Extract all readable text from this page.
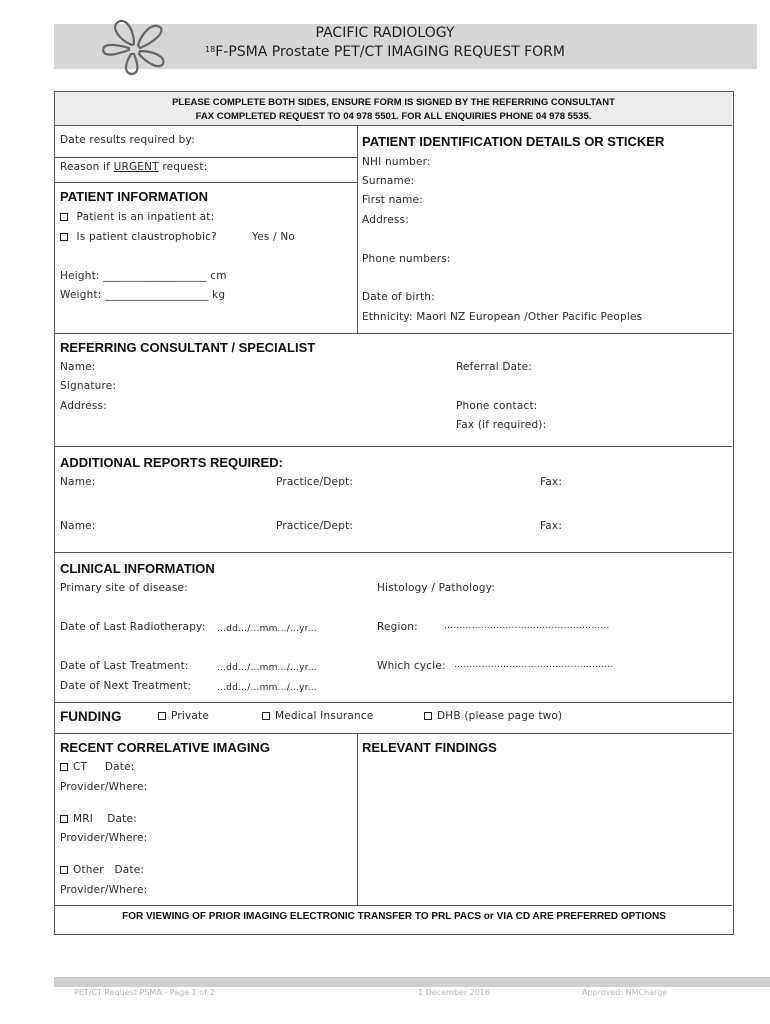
PACIFIC RADIOLOGY
$^{18}$F-PSMA Prostate PET/CT IMAGING REQUEST FORM
PLEASE COMPLETE BOTH SIDES, ENSURE FORM IS SIGNED BY THE REFERRING CONSULTANT
FAX COMPLETED REQUEST TO 04 978 5501. FOR ALL ENQUIRIES PHONE 04 978 5535.
Date results required by:
Reason if URGENT request:
PATIENT INFORMATION
Patient is an inpatient at:
Is patient claustrophobic?	Yes / No
Height: ___________________ cm
Weight: ___________________ kg
PATIENT IDENTIFICATION DETAILS OR STICKER
NHI number:
Surname:
First name:
Address:
Phone numbers:
Date of birth:
Ethnicity: Maori NZ European /Other Pacific Peoples
REFERRING CONSULTANT / SPECIALIST
Name:
Signature:
Address:
Referral Date:
Phone contact:
Fax (if required):
ADDITIONAL REPORTS REQUIRED:
Name:	Practice/Dept:	Fax:
Name:	Practice/Dept:	Fax:
CLINICAL INFORMATION
Primary site of disease:	Histology / Pathology:
Date of Last Radiotherapy: ...dd.../...mm.../...yr...	Region:	………………………………………………
Date of Last Treatment:	...dd.../...mm.../...yr...	Which cycle: …………………………………………….
Date of Next Treatment:	...dd.../...mm.../...yr...
FUNDING	Private	Medical Insurance	DHB (please page two)
RECENT CORRELATIVE IMAGING	RELEVANT FINDINGS
CT Date:
Provider/Where:
MRI Date:
Provider/Where:
Other Date:
Provider/Where:
FOR VIEWING OF PRIOR IMAGING ELECTRONIC TRANSFER TO PRL PACS or VIA CD ARE PREFERRED OPTIONS
PET/CT Request PSMA - Page 1 of 2	1 December 2016	Approved: NMCharge
